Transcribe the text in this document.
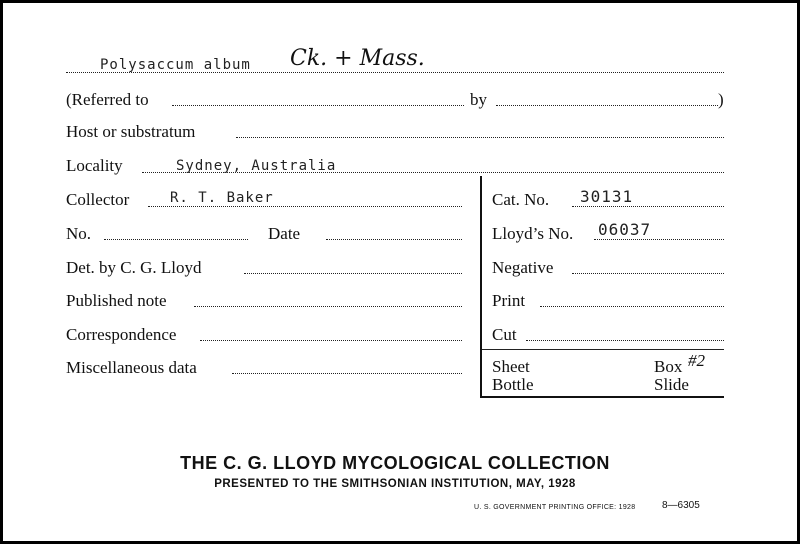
Polysaccum album Ck. + Mass.
(Referred to	by	)
Host or substratum
Locality	Sydney, Australia
Collector	R. T. Baker	Cat. No. 30131
No.	Date	Lloyd’s No. 06037
Det. by C. G. Lloyd	Negative
Published note	Print
Correspondence	Cut
Miscellaneous data	Sheet	Box #2
Bottle	Slide
THE C. G. LLOYD MYCOLOGICAL COLLECTION
PRESENTED TO THE SMITHSONIAN INSTITUTION, MAY, 1928
U. S. GOVERNMENT PRINTING OFFICE: 1928	8—6305
